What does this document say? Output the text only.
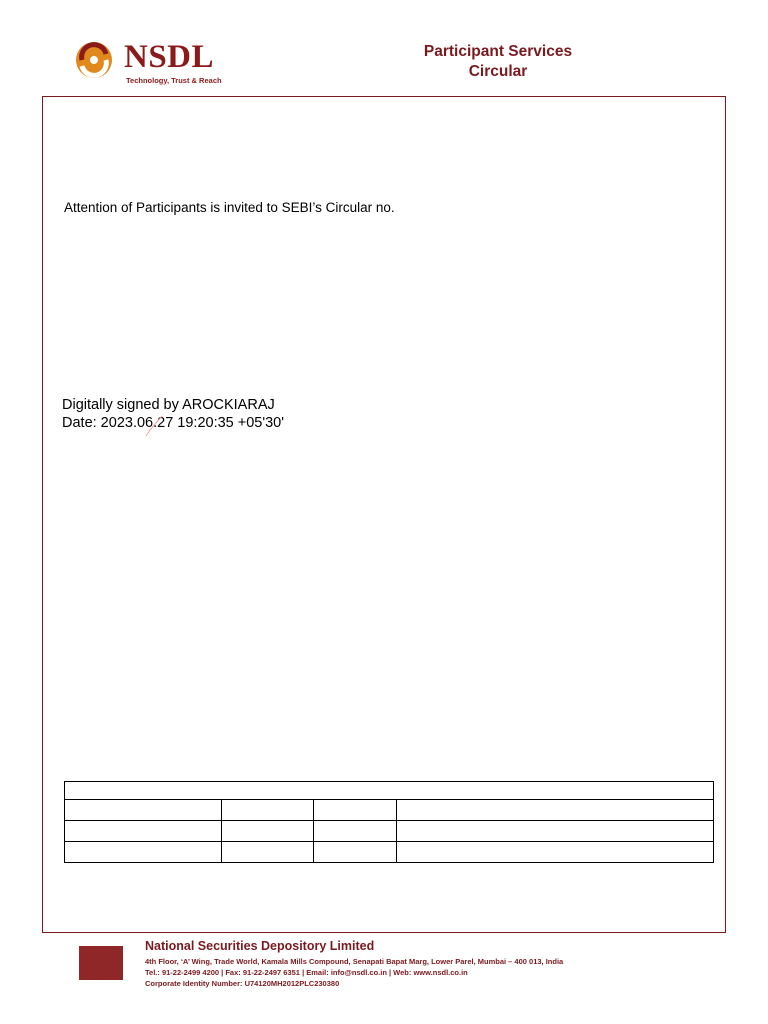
NSDL
Technology, Trust & Reach
Participant Services
Circular
Attention of Participants is invited to SEBI’s Circular no.
Digitally signed by AROCKIARAJ
Date: 2023.06.27 19:20:35 +05'30'

National Securities Depository Limited
4th Floor, ‘A’ Wing, Trade World, Kamala Mills Compound, Senapati Bapat Marg, Lower Parel, Mumbai – 400 013, India
Tel.: 91-22-2499 4200 | Fax: 91-22-2497 6351 | Email: info@nsdl.co.in | Web: www.nsdl.co.in
Corporate Identity Number: U74120MH2012PLC230380
